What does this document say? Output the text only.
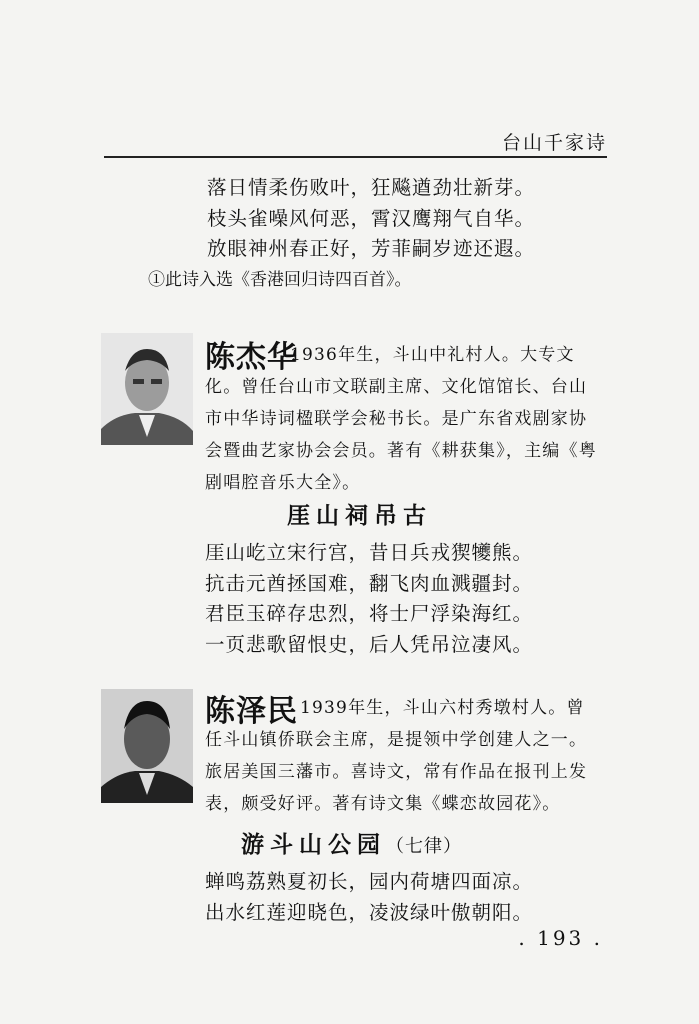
台山千家诗
落日情柔伤败叶，狂飚遒劲壮新芽。
枝头雀噪风何恶，霄汉鹰翔气自华。
放眼神州春正好，芳菲嗣岁迹还遐。
①此诗入选《香港回归诗四百首》。
陈杰华
1936年生，斗山中礼村人。大专文化。曾任台山市文联副主席、文化馆馆长、台山市中华诗词楹联学会秘书长。是广东省戏剧家协会暨曲艺家协会会员。著有《耕获集》，主编《粤剧唱腔音乐大全》。
厓山祠吊古
厓山屹立宋行宫，昔日兵戎猰犪熊。
抗击元酋拯国难，翻飞肉血溅疆封。
君臣玉碎存忠烈，将士尸浮染海红。
一页悲歌留恨史，后人凭吊泣凄风。
陈泽民 1939年生，斗山六村秀墩村人。曾任斗山镇侨联会主席，是提领中学创建人之一。旅居美国三藩市。喜诗文，常有作品在报刊上发表，颇受好评。著有诗文集《蝶恋故园花》。
游斗山公园（七律）
蝉鸣荔熟夏初长，园内荷塘四面凉。
出水红莲迎晓色，凌波绿叶傲朝阳。
. 193 .
